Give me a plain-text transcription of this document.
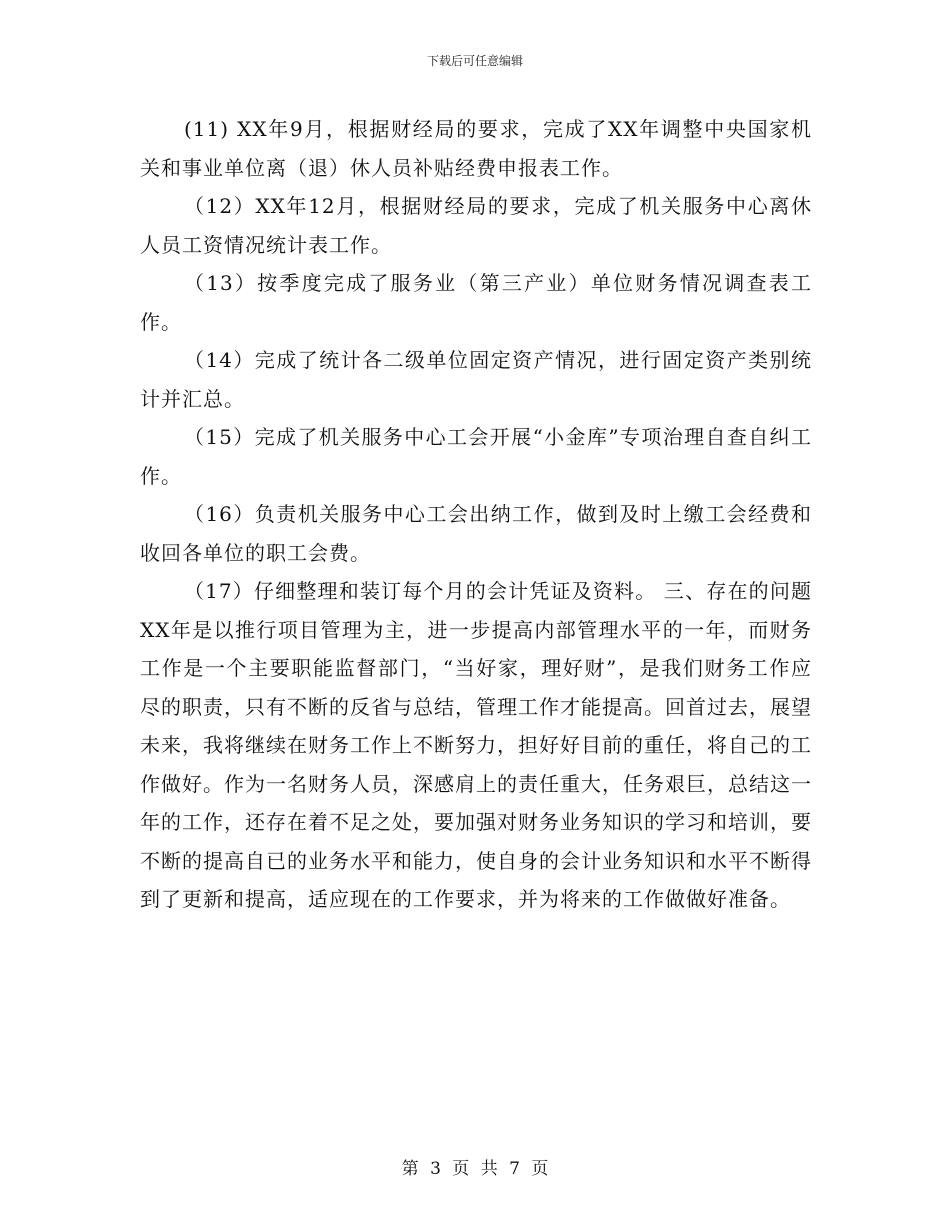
下载后可任意编辑

(11) XX年9月，根据财经局的要求，完成了XX年调整中央国家机关和事业单位离（退）休人员补贴经费申报表工作。

（12）XX年12月，根据财经局的要求，完成了机关服务中心离休人员工资情况统计表工作。

（13）按季度完成了服务业（第三产业）单位财务情况调查表工作。

（14）完成了统计各二级单位固定资产情况，进行固定资产类别统计并汇总。

（15）完成了机关服务中心工会开展“小金库”专项治理自查自纠工作。

（16）负责机关服务中心工会出纳工作，做到及时上缴工会经费和收回各单位的职工会费。

（17）仔细整理和装订每个月的会计凭证及资料。 三、存在的问题 XX年是以推行项目管理为主，进一步提高内部管理水平的一年，而财务工作是一个主要职能监督部门，“当好家，理好财”，是我们财务工作应尽的职责，只有不断的反省与总结，管理工作才能提高。回首过去，展望未来，我将继续在财务工作上不断努力，担好好目前的重任，将自己的工作做好。作为一名财务人员，深感肩上的责任重大，任务艰巨，总结这一年的工作，还存在着不足之处，要加强对财务业务知识的学习和培训，要不断的提高自已的业务水平和能力，使自身的会计业务知识和水平不断得到了更新和提高，适应现在的工作要求，并为将来的工作做做好准备。

第 3 页 共 7 页
